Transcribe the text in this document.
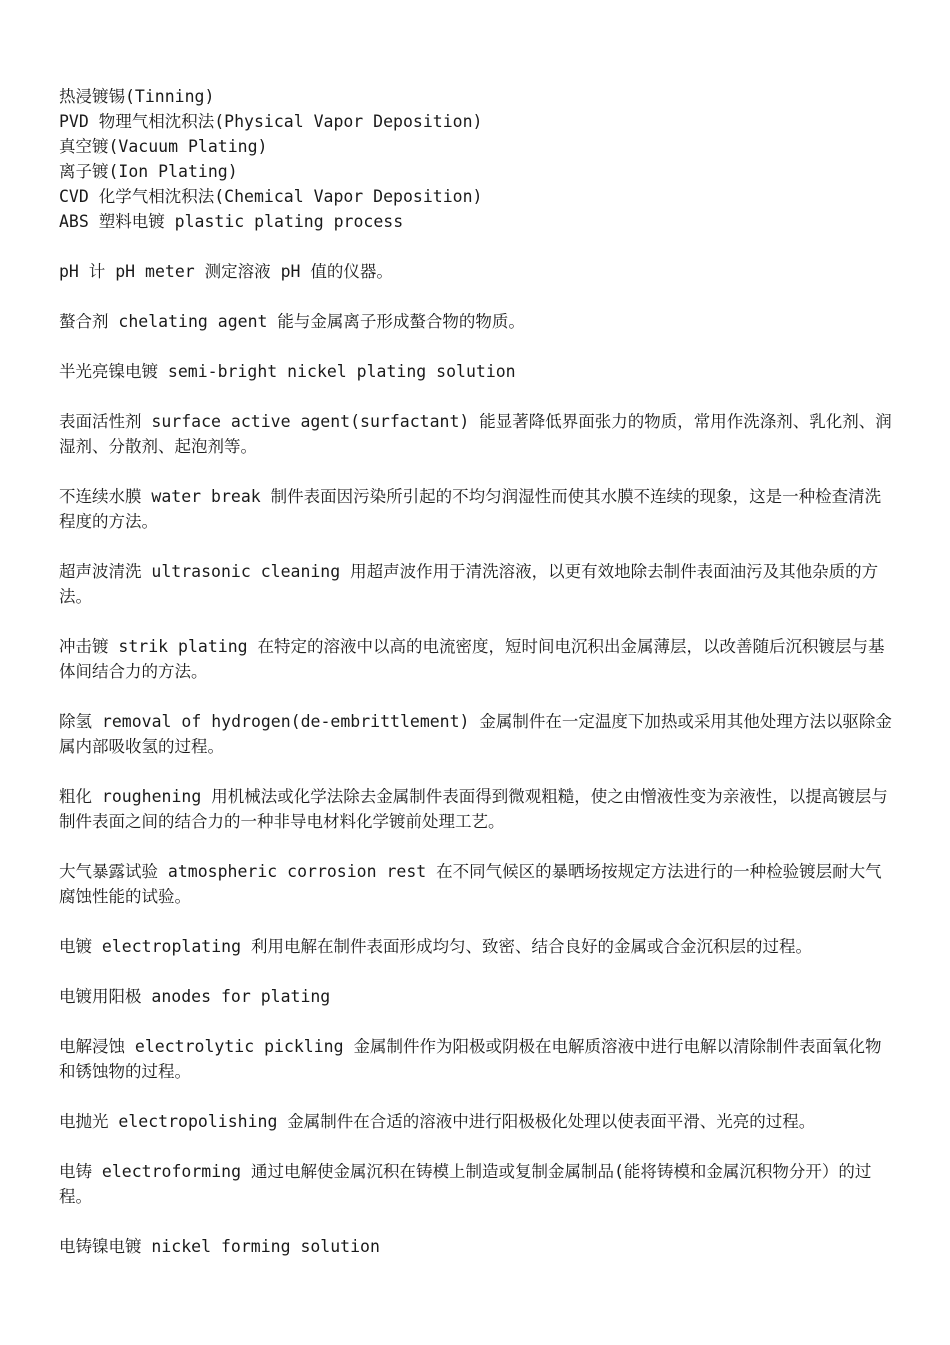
热浸镀锡(Tinning)
PVD 物理气相沈积法(Physical Vapor Deposition)
真空镀(Vacuum Plating)
离子镀(Ion Plating)
CVD 化学气相沈积法(Chemical Vapor Deposition)
ABS 塑料电镀 plastic plating process
pH 计 pH meter 测定溶液 pH 值的仪器。
螯合剂 chelating agent 能与金属离子形成螯合物的物质。
半光亮镍电镀 semi-bright nickel plating solution
表面活性剂 surface active agent(surfactant) 能显著降低界面张力的物质，常用作洗涤剂、乳化剂、润湿剂、分散剂、起泡剂等。
不连续水膜 water break 制件表面因污染所引起的不均匀润湿性而使其水膜不连续的现象，这是一种检查清洗程度的方法。
超声波清洗 ultrasonic cleaning 用超声波作用于清洗溶液，以更有效地除去制件表面油污及其他杂质的方法。
冲击镀 strik plating 在特定的溶液中以高的电流密度，短时间电沉积出金属薄层，以改善随后沉积镀层与基体间结合力的方法。
除氢 removal of hydrogen(de-embrittlement) 金属制件在一定温度下加热或采用其他处理方法以驱除金属内部吸收氢的过程。
粗化 roughening 用机械法或化学法除去金属制件表面得到微观粗糙，使之由憎液性变为亲液性，以提高镀层与制件表面之间的结合力的一种非导电材料化学镀前处理工艺。
大气暴露试验 atmospheric corrosion rest 在不同气候区的暴晒场按规定方法进行的一种检验镀层耐大气腐蚀性能的试验。
电镀 electroplating 利用电解在制件表面形成均匀、致密、结合良好的金属或合金沉积层的过程。
电镀用阳极 anodes for plating
电解浸蚀 electrolytic pickling 金属制件作为阳极或阴极在电解质溶液中进行电解以清除制件表面氧化物和锈蚀物的过程。
电抛光 electropolishing 金属制件在合适的溶液中进行阳极极化处理以使表面平滑、光亮的过程。
电铸 electroforming 通过电解使金属沉积在铸模上制造或复制金属制品(能将铸模和金属沉积物分开）的过程。
电铸镍电镀 nickel forming solution
